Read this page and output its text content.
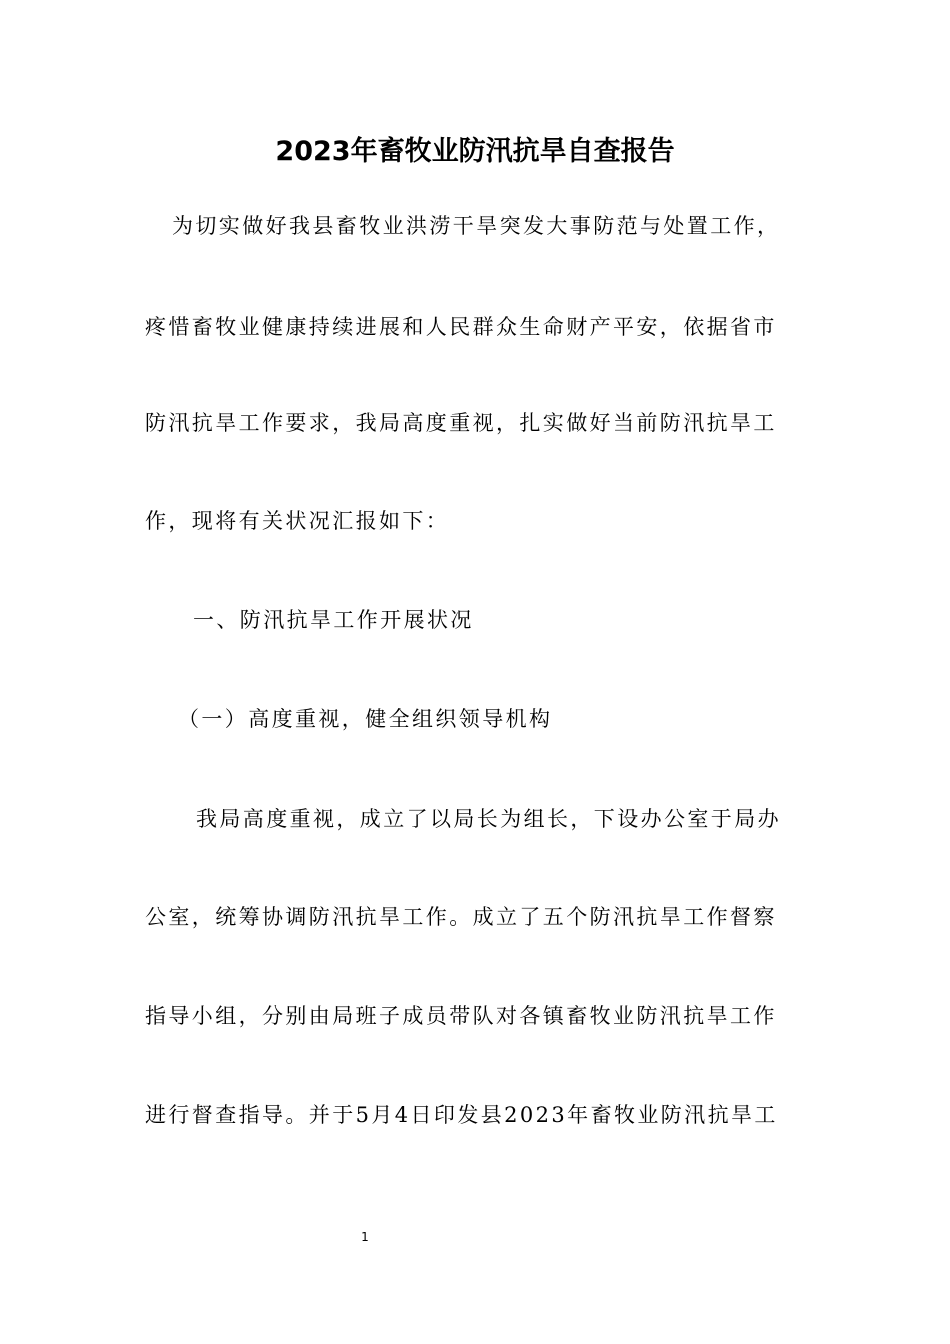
2023年畜牧业防汛抗旱自查报告
为切实做好我县畜牧业洪涝干旱突发大事防范与处置工作，
疼惜畜牧业健康持续进展和人民群众生命财产平安，依据省市
防汛抗旱工作要求，我局高度重视，扎实做好当前防汛抗旱工
作，现将有关状况汇报如下：
一、防汛抗旱工作开展状况
（一）高度重视，健全组织领导机构
我局高度重视，成立了以局长为组长，下设办公室于局办
公室，统筹协调防汛抗旱工作。成立了五个防汛抗旱工作督察
指导小组，分别由局班子成员带队对各镇畜牧业防汛抗旱工作
进行督查指导。并于5月4日印发县2023年畜牧业防汛抗旱工
1
